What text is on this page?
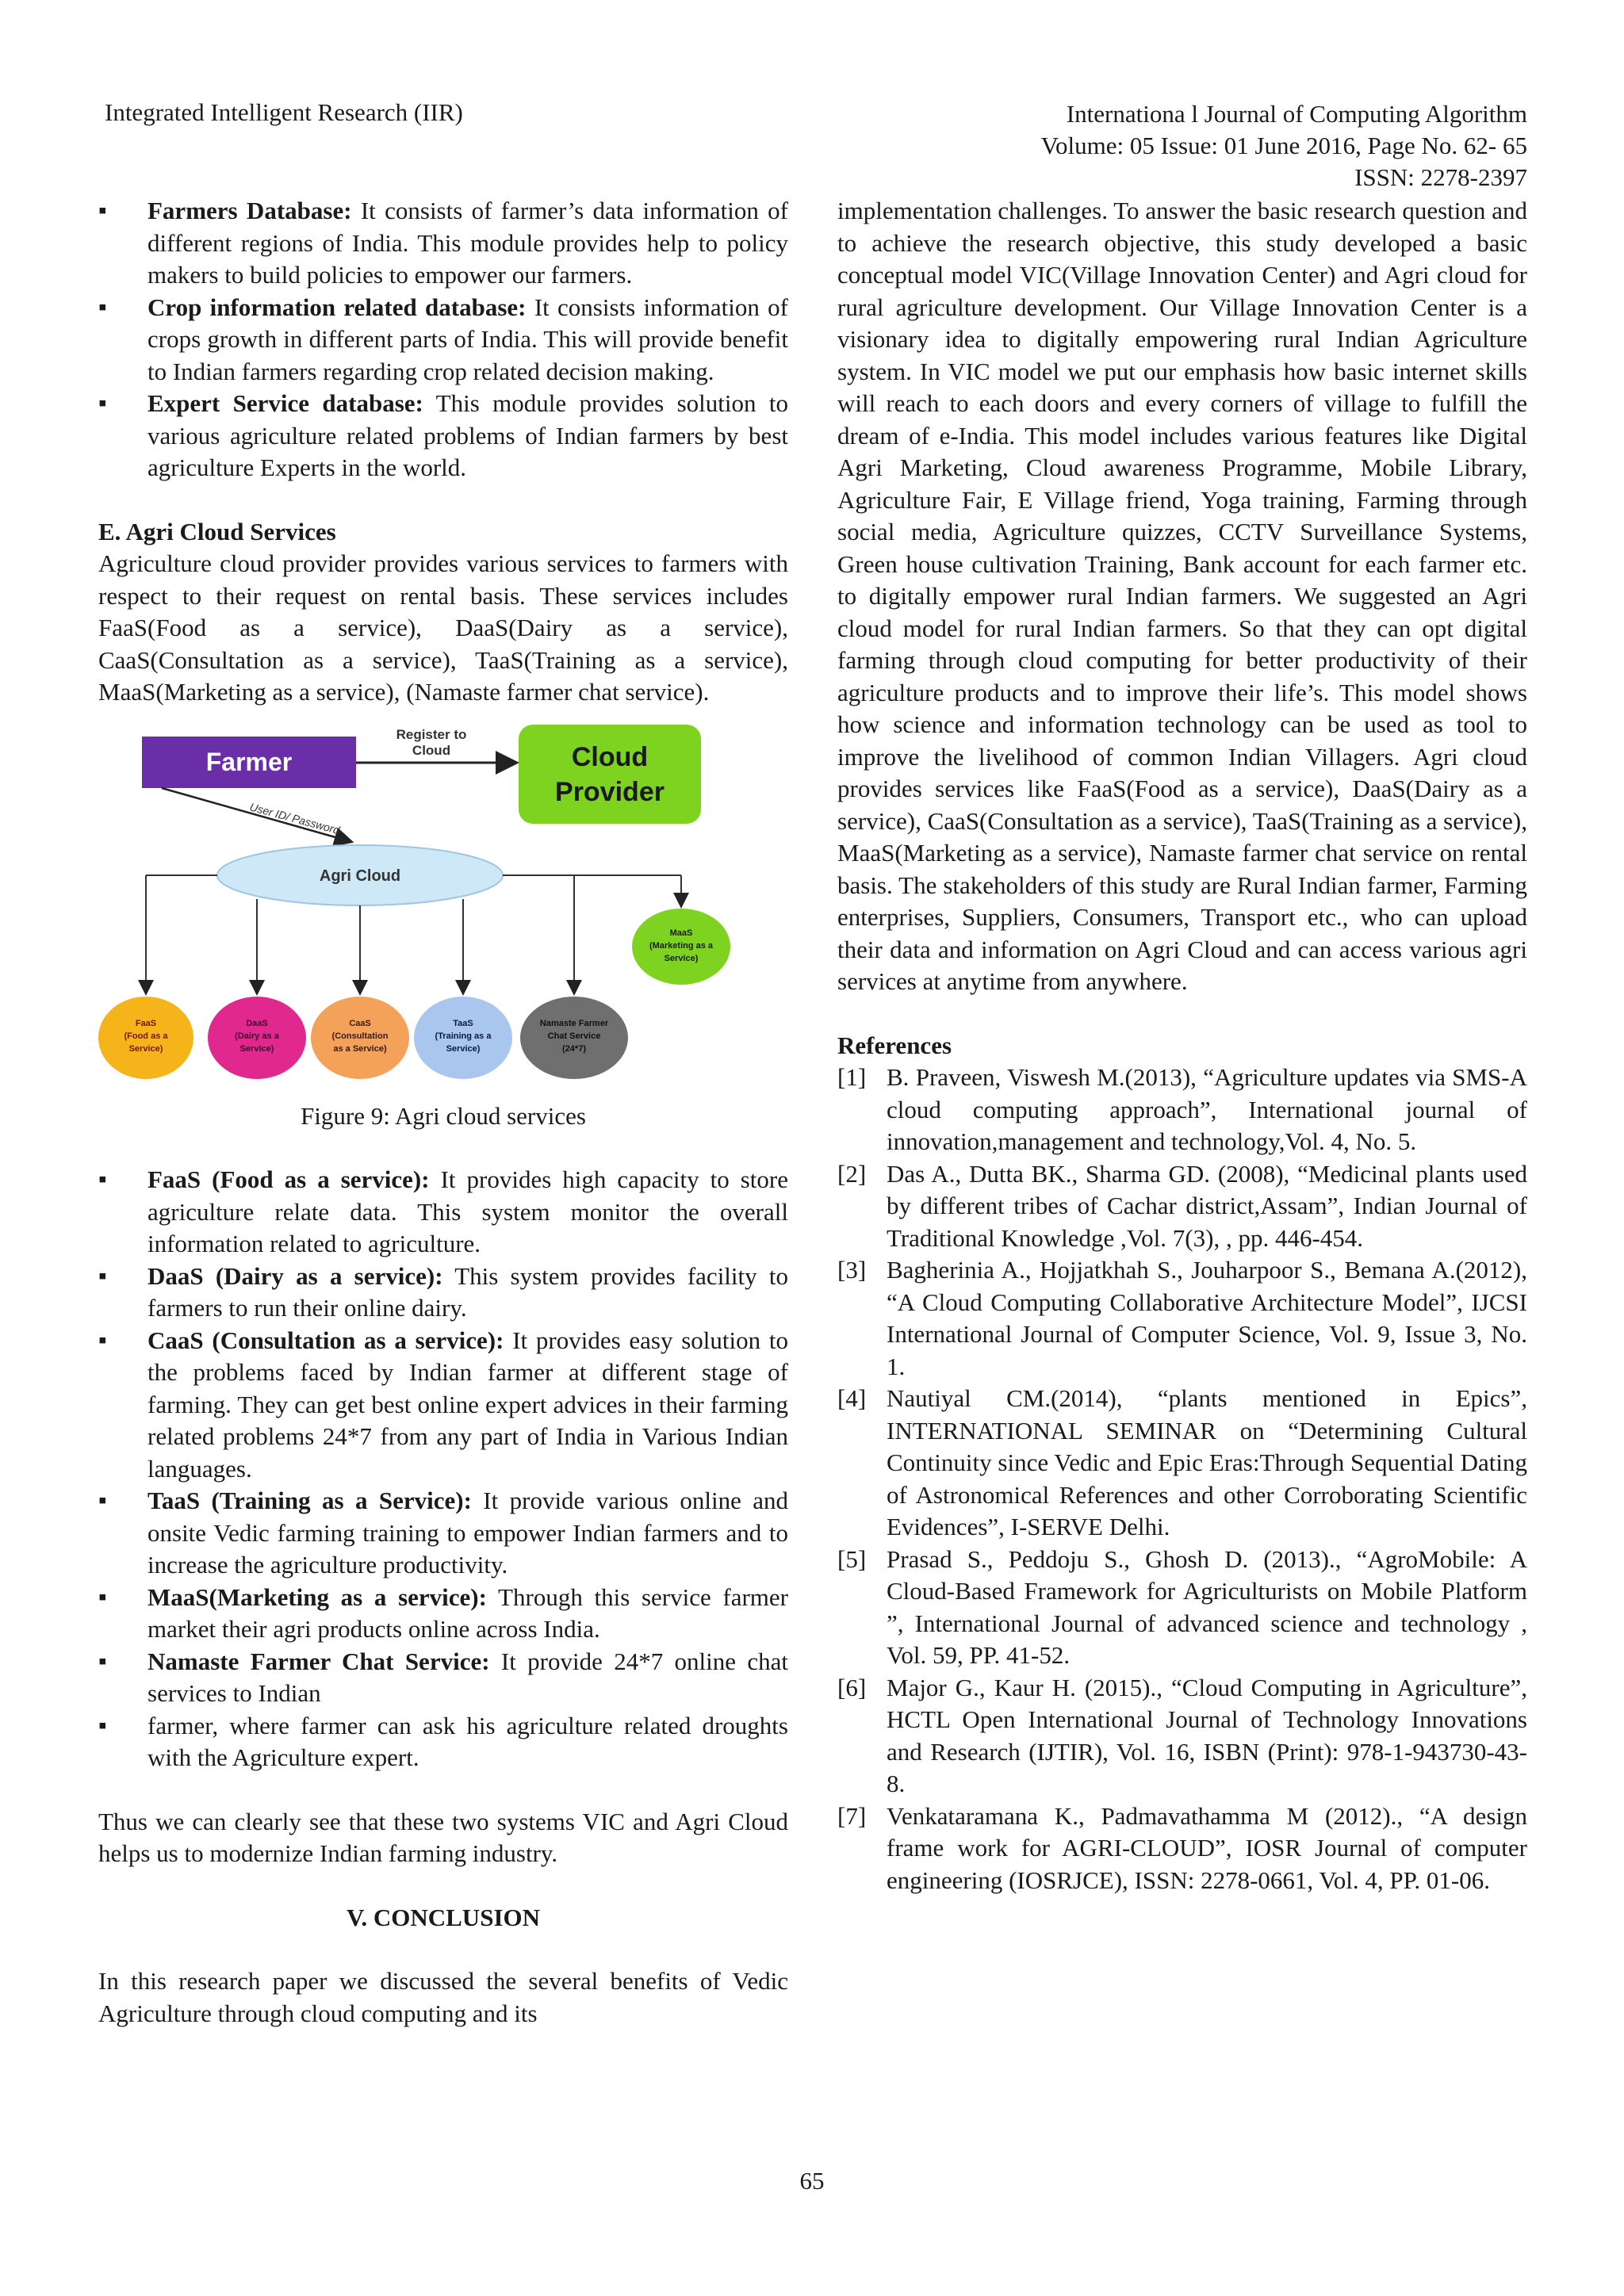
Integrated Intelligent Research (IIR)	Internationa l Journal of Computing Algorithm
Volume: 05 Issue: 01 June 2016, Page No. 62- 65
ISSN: 2278-2397
▪ Farmers Database: It consists of farmer’s data information of different regions of India. This module provides help to policy makers to build policies to empower our farmers.
▪ Crop information related database: It consists information of crops growth in different parts of India. This will provide benefit to Indian farmers regarding crop related decision making.
▪ Expert Service database: This module provides solution to various agriculture related problems of Indian farmers by best agriculture Experts in the world.

E. Agri Cloud Services

Agriculture cloud provider provides various services to farmers with respect to their request on rental basis. These services includes FaaS(Food as a service), DaaS(Dairy as a service), CaaS(Consultation as a service), TaaS(Training as a service), MaaS(Marketing as a service), (Namaste farmer chat service).

Farmer	Cloud
Provider
Register to
Cloud
User ID/ Password
Agri Cloud
MaaS
(Marketing as a
Service)
FaaS
(Food as a
Service)
DaaS
(Dairy as a
Service)
CaaS
(Consultation
as a Service)
TaaS
(Training as a
Service)
Namaste Farmer
Chat Service
(24*7)

Figure 9: Agri cloud services

▪ FaaS (Food as a service): It provides high capacity to store agriculture relate data. This system monitor the overall information related to agriculture.
▪ DaaS (Dairy as a service): This system provides facility to farmers to run their online dairy.
▪ CaaS (Consultation as a service): It provides easy solution to the problems faced by Indian farmer at different stage of farming. They can get best online expert advices in their farming related problems 24*7 from any part of India in Various Indian languages.
▪ TaaS (Training as a Service): It provide various online and onsite Vedic farming training to empower Indian farmers and to increase the agriculture productivity.
▪ MaaS(Marketing as a service): Through this service farmer market their agri products online across India.
▪ Namaste Farmer Chat Service: It provide 24*7 online chat services to Indian
▪ farmer, where farmer can ask his agriculture related droughts with the Agriculture expert.

Thus we can clearly see that these two systems VIC and Agri Cloud helps us to modernize Indian farming industry.

V. CONCLUSION

In this research paper we discussed the several benefits of Vedic Agriculture through cloud computing and its

implementation challenges. To answer the basic research question and to achieve the research objective, this study developed a basic conceptual model VIC(Village Innovation Center) and Agri cloud for rural agriculture development. Our Village Innovation Center is a visionary idea to digitally empowering rural Indian Agriculture system. In VIC model we put our emphasis how basic internet skills will reach to each doors and every corners of village to fulfill the dream of e-India. This model includes various features like Digital Agri Marketing, Cloud awareness Programme, Mobile Library, Agriculture Fair, E Village friend, Yoga training, Farming through social media, Agriculture quizzes, CCTV Surveillance Systems, Green house cultivation Training, Bank account for each farmer etc. to digitally empower rural Indian farmers. We suggested an Agri cloud model for rural Indian farmers. So that they can opt digital farming through cloud computing for better productivity of their agriculture products and to improve their life’s. This model shows how science and information technology can be used as tool to improve the livelihood of common Indian Villagers. Agri cloud provides services like FaaS(Food as a service), DaaS(Dairy as a service), CaaS(Consultation as a service), TaaS(Training as a service), MaaS(Marketing as a service), Namaste farmer chat service on rental basis. The stakeholders of this study are Rural Indian farmer, Farming enterprises, Suppliers, Consumers, Transport etc., who can upload their data and information on Agri Cloud and can access various agri services at anytime from anywhere.

References

[1] B. Praveen, Viswesh M.(2013), “Agriculture updates via SMS-A cloud computing approach”, International journal of innovation,management and technology,Vol. 4, No. 5.
[2] Das A., Dutta BK., Sharma GD. (2008), “Medicinal plants used by different tribes of Cachar district,Assam”, Indian Journal of Traditional Knowledge ,Vol. 7(3), , pp. 446-454.
[3] Bagherinia A., Hojjatkhah S., Jouharpoor S., Bemana A.(2012), “A Cloud Computing Collaborative Architecture Model”, IJCSI International Journal of Computer Science, Vol. 9, Issue 3, No. 1.
[4] Nautiyal CM.(2014), “plants mentioned in Epics”, INTERNATIONAL SEMINAR on “Determining Cultural Continuity since Vedic and Epic Eras:Through Sequential Dating of Astronomical References and other Corroborating Scientific Evidences”, I-SERVE Delhi.
[5] Prasad S., Peddoju S., Ghosh D. (2013)., “AgroMobile: A Cloud-Based Framework for Agriculturists on Mobile Platform ”, International Journal of advanced science and technology , Vol. 59, PP. 41-52.
[6] Major G., Kaur H. (2015)., “Cloud Computing in Agriculture”, HCTL Open International Journal of Technology Innovations and Research (IJTIR), Vol. 16, ISBN (Print): 978-1-943730-43-8.
[7] Venkataramana K., Padmavathamma M (2012)., “A design frame work for AGRI-CLOUD”, IOSR Journal of computer engineering (IOSRJCE), ISSN: 2278-0661, Vol. 4, PP. 01-06.
65
